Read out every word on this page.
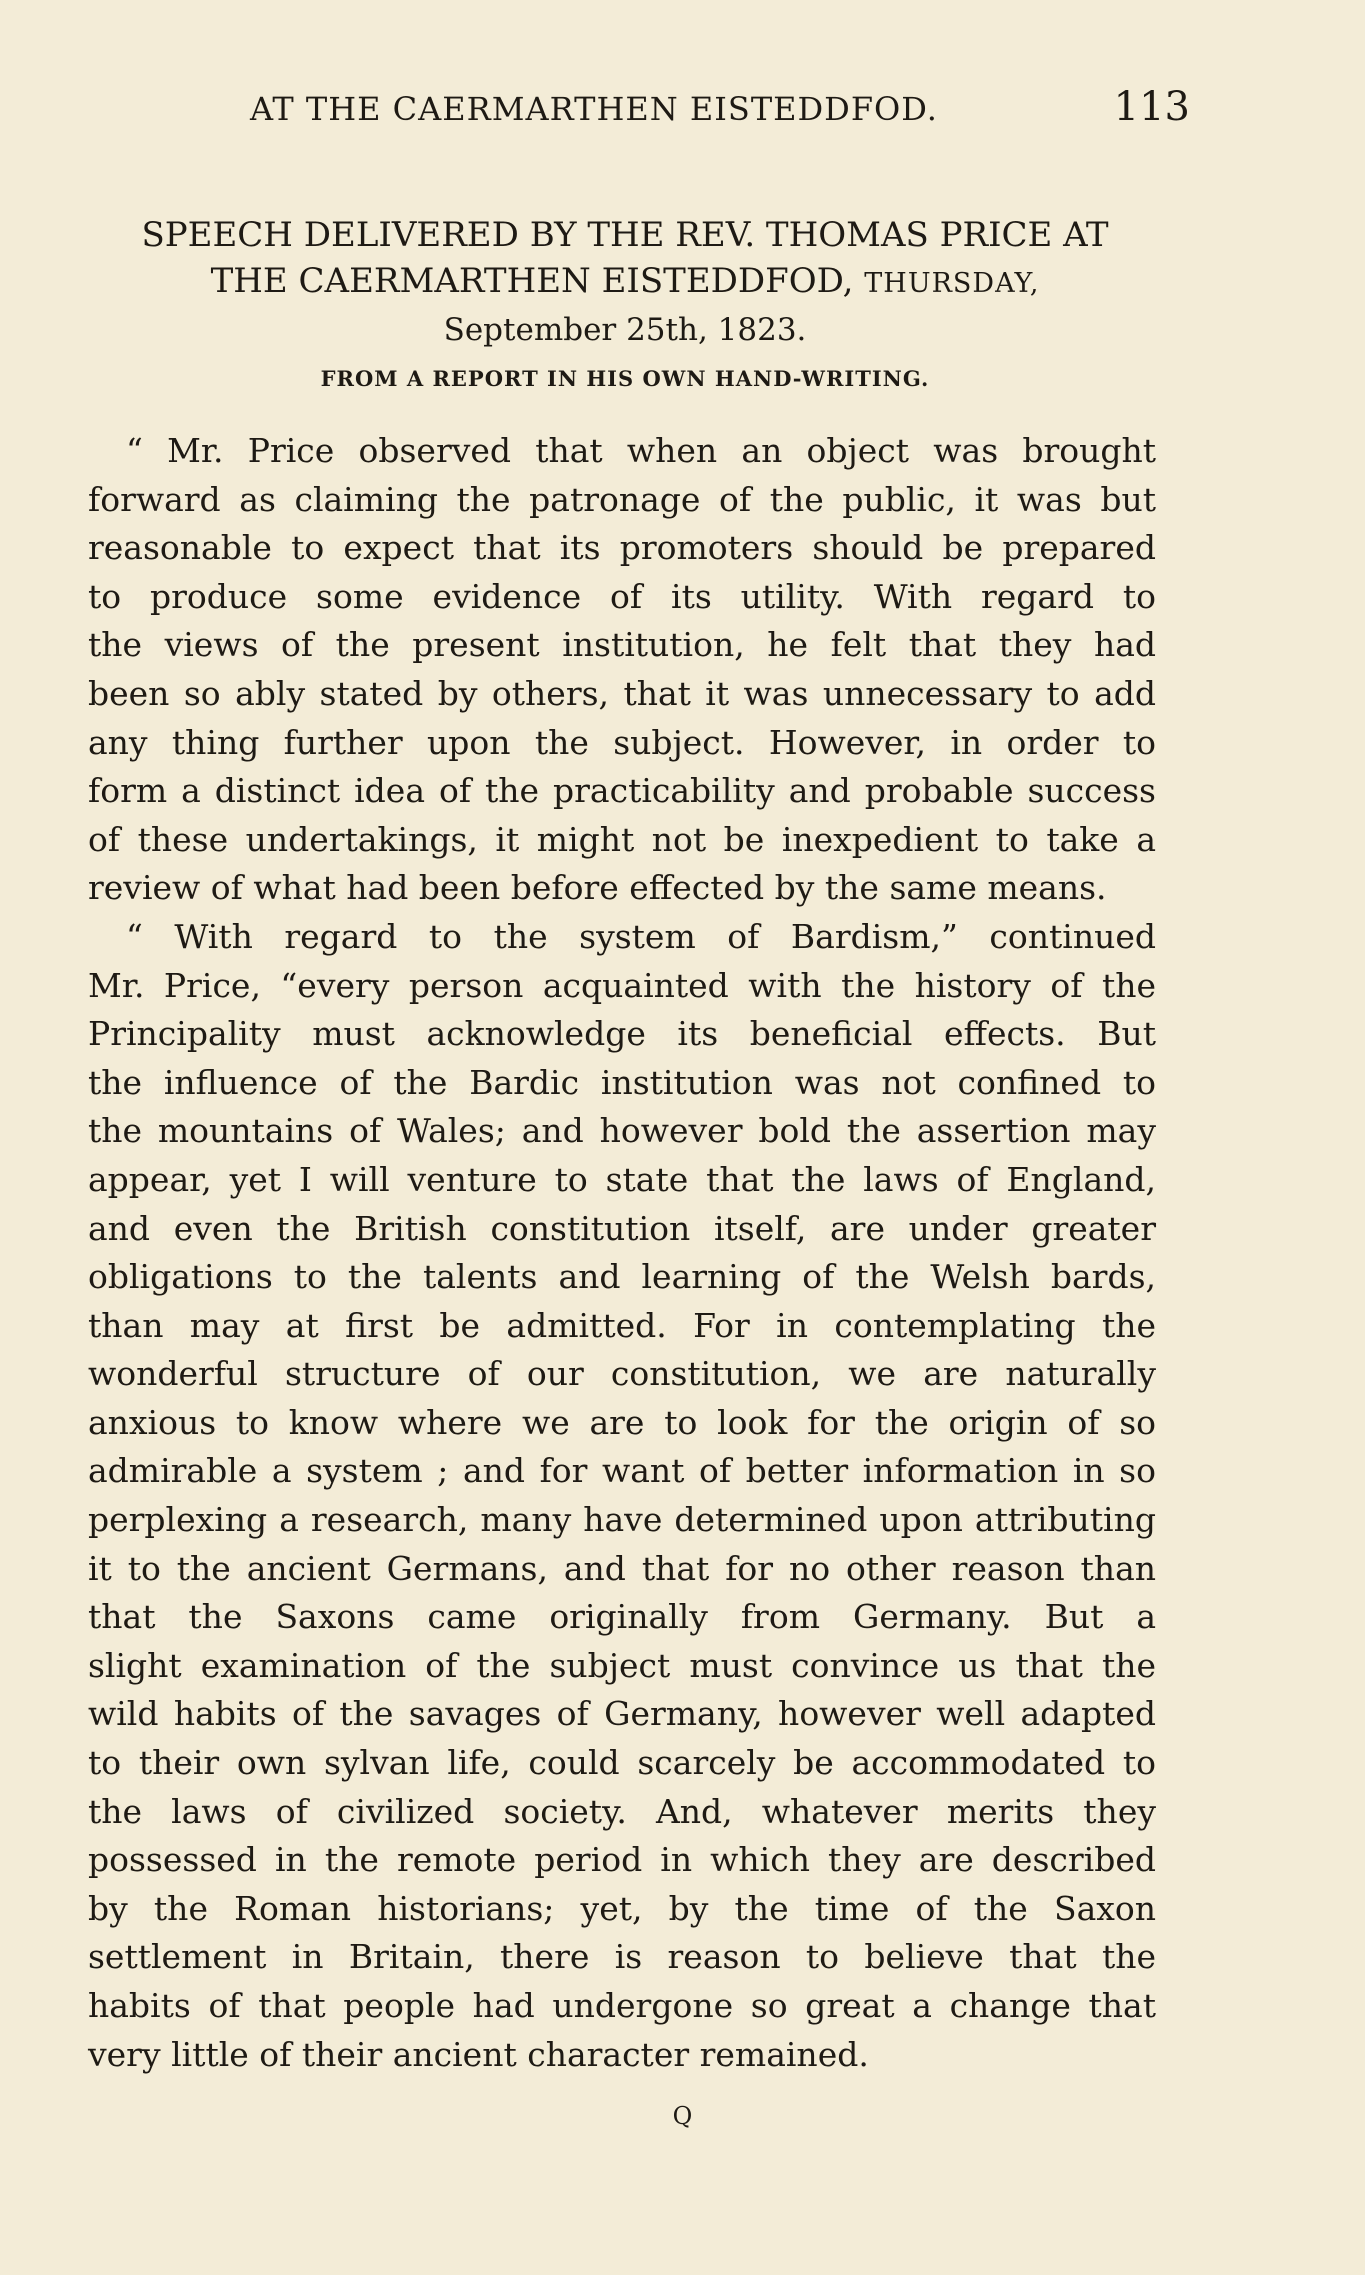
AT THE CAERMARTHEN EISTEDDFOD.	113
SPEECH DELIVERED BY THE REV. THOMAS PRICE AT
THE CAERMARTHEN EISTEDDFOD, THURSDAY,
September 25th, 1823.
FROM A REPORT IN HIS OWN HAND-WRITING.
“ Mr. Price observed that when an object was brought
forward as claiming the patronage of the public, it was but
reasonable to expect that its promoters should be prepared
to produce some evidence of its utility. With regard to
the views of the present institution, he felt that they had
been so ably stated by others, that it was unnecessary to add
any thing further upon the subject. However, in order to
form a distinct idea of the practicability and probable success
of these undertakings, it might not be inexpedient to take a
review of what had been before effected by the same means.
“ With regard to the system of Bardism,” continued
Mr. Price, “every person acquainted with the history of the
Principality must acknowledge its beneficial effects. But
the influence of the Bardic institution was not confined to
the mountains of Wales; and however bold the assertion may
appear, yet I will venture to state that the laws of England,
and even the British constitution itself, are under greater
obligations to the talents and learning of the Welsh bards,
than may at first be admitted. For in contemplating the
wonderful structure of our constitution, we are naturally
anxious to know where we are to look for the origin of so
admirable a system ; and for want of better information in so
perplexing a research, many have determined upon attributing
it to the ancient Germans, and that for no other reason than
that the Saxons came originally from Germany. But a
slight examination of the subject must convince us that the
wild habits of the savages of Germany, however well adapted
to their own sylvan life, could scarcely be accommodated to
the laws of civilized society. And, whatever merits they
possessed in the remote period in which they are described
by the Roman historians; yet, by the time of the Saxon
settlement in Britain, there is reason to believe that the
habits of that people had undergone so great a change that
very little of their ancient character remained.
Q
